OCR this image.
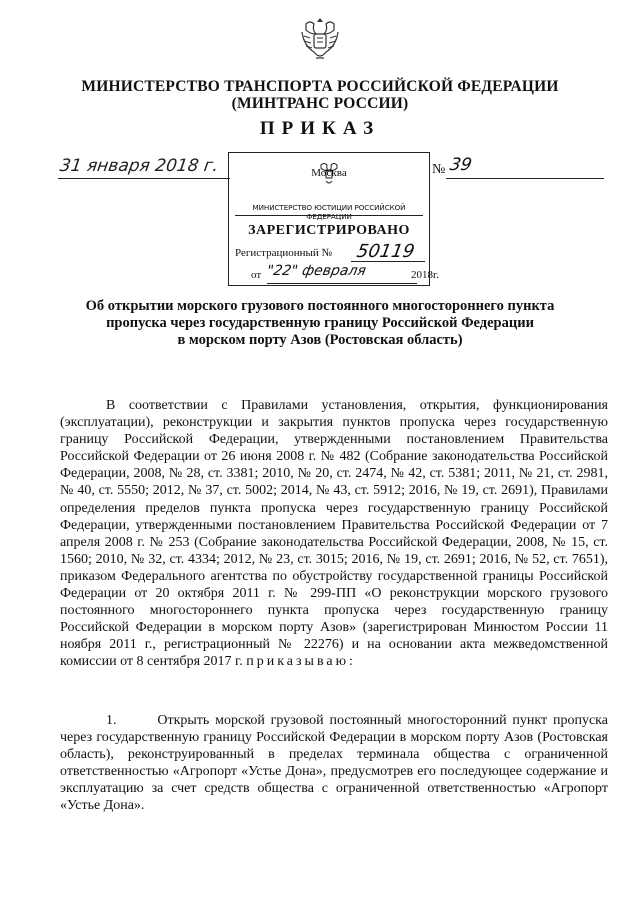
МИНИСТЕРСТВО ТРАНСПОРТА РОССИЙСКОЙ ФЕДЕРАЦИИ
(МИНТРАНС РОССИИ)
ПРИКАЗ
31 января 2018 г.	Москва
МИНИСТЕРСТВО ЮСТИЦИИ РОССИЙСКОЙ ФЕДЕРАЦИИ
ЗАРЕГИСТРИРОВАНО
Регистрационный № 50119
от "22" февраля	2018г.
№ 39
Об открытии морского грузового постоянного многостороннего пункта
пропуска через государственную границу Российской Федерации
в морском порту Азов (Ростовская область)

В соответствии с Правилами установления, открытия, функционирования (эксплуатации), реконструкции и закрытия пунктов пропуска через государственную границу Российской Федерации, утвержденными постановлением Правительства Российской Федерации от 26 июня 2008 г. № 482 (Собрание законодательства Российской Федерации, 2008, № 28, ст. 3381; 2010, № 20, ст. 2474, № 42, ст. 5381; 2011, № 21, ст. 2981, № 40, ст. 5550; 2012, № 37, ст. 5002; 2014, № 43, ст. 5912; 2016, № 19, ст. 2691), Правилами определения пределов пункта пропуска через государственную границу Российской Федерации, утвержденными постановлением Правительства Российской Федерации от 7 апреля 2008 г. № 253 (Собрание законодательства Российской Федерации, 2008, № 15, ст. 1560; 2010, № 32, ст. 4334; 2012, № 23, ст. 3015; 2016, № 19, ст. 2691; 2016, № 52, ст. 7651), приказом Федерального агентства по обустройству государственной границы Российской Федерации от 20 октября 2011 г. № 299-ПП «О реконструкции морского грузового постоянного многостороннего пункта пропуска через государственную границу Российской Федерации в морском порту Азов» (зарегистрирован Минюстом России 11 ноября 2011 г., регистрационный № 22276) и на основании акта межведомственной комиссии от 8 сентября 2017 г. приказываю:

1.       Открыть морской грузовой постоянный многосторонний пункт пропуска через государственную границу Российской Федерации в морском порту Азов (Ростовская область), реконструированный в пределах терминала общества с ограниченной ответственностью «Агропорт «Устье Дона», предусмотрев его последующее содержание и эксплуатацию за счет средств общества с ограниченной ответственностью «Агропорт «Устье Дона».
